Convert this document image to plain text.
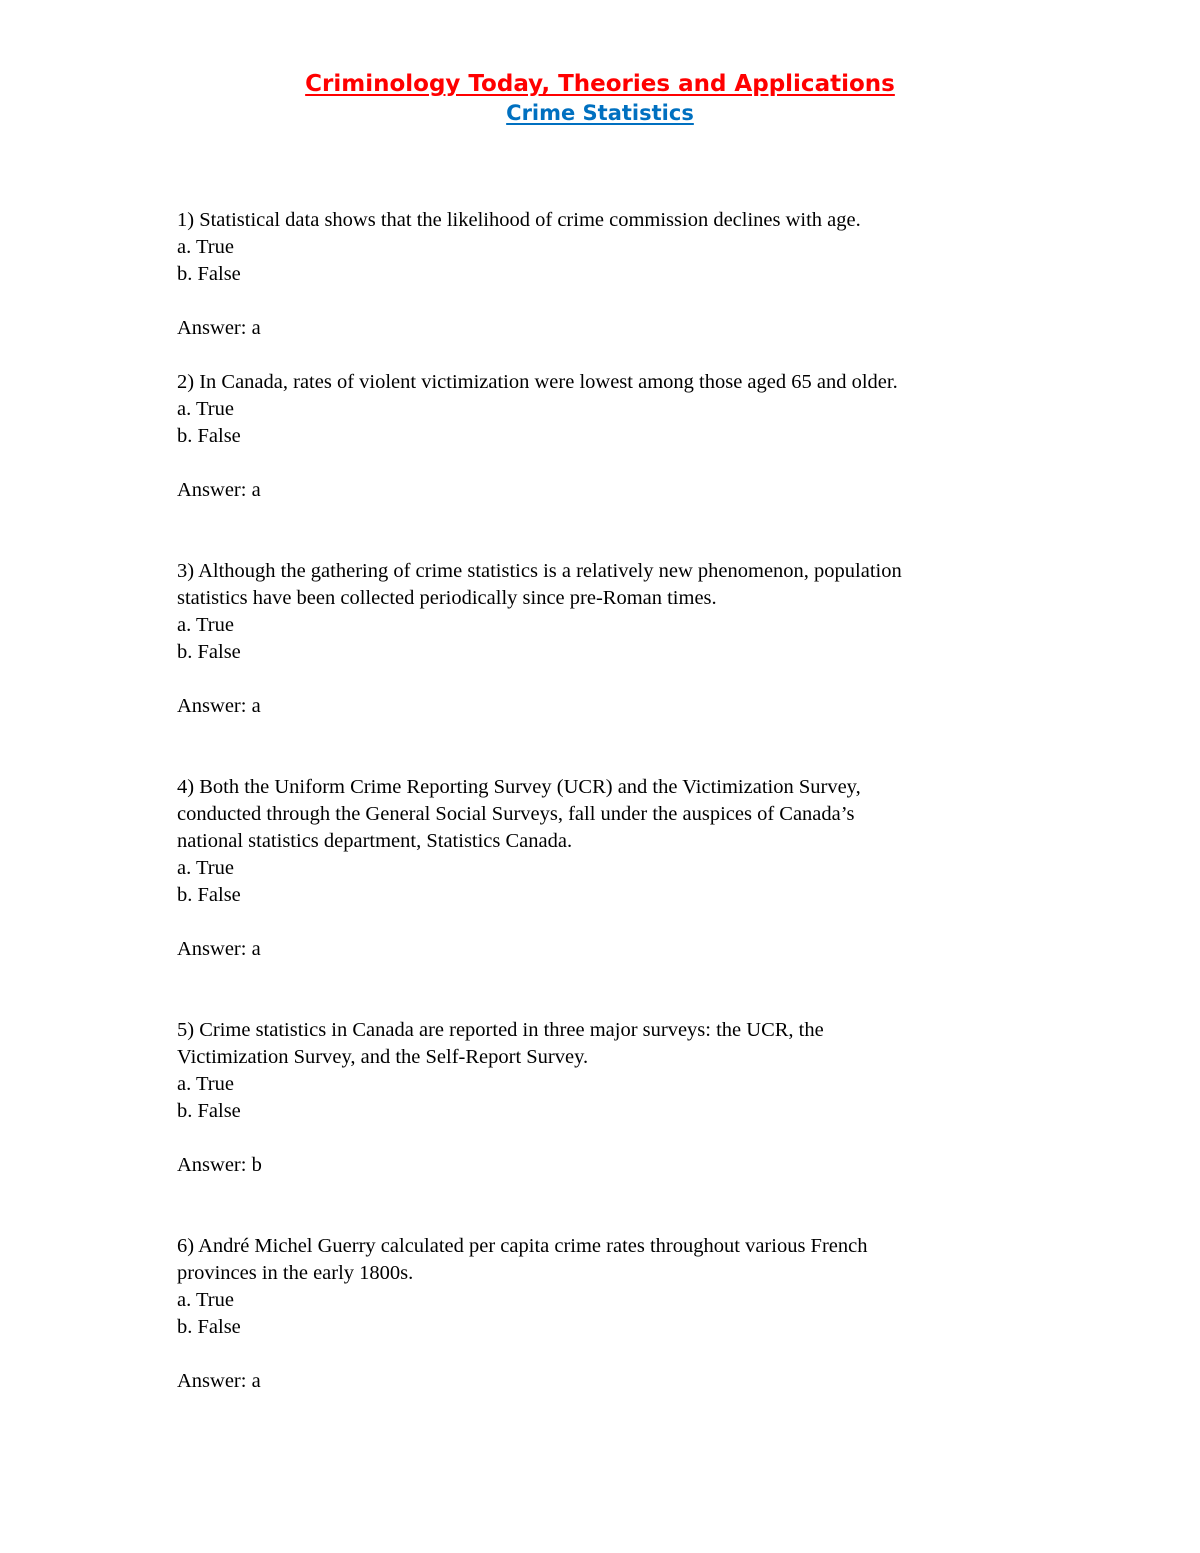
Criminology Today, Theories and Applications
Crime Statistics
1) Statistical data shows that the likelihood of crime commission declines with age.
a. True
b. False
Answer: a
2) In Canada, rates of violent victimization were lowest among those aged 65 and older.
a. True
b. False
Answer: a
3) Although the gathering of crime statistics is a relatively new phenomenon, population
statistics have been collected periodically since pre-Roman times.
a. True
b. False
Answer: a
4) Both the Uniform Crime Reporting Survey (UCR) and the Victimization Survey,
conducted through the General Social Surveys, fall under the auspices of Canada’s
national statistics department, Statistics Canada.
a. True
b. False
Answer: a
5) Crime statistics in Canada are reported in three major surveys: the UCR, the
Victimization Survey, and the Self-Report Survey.
a. True
b. False
Answer: b
6) André Michel Guerry calculated per capita crime rates throughout various French
provinces in the early 1800s.
a. True
b. False
Answer: a
